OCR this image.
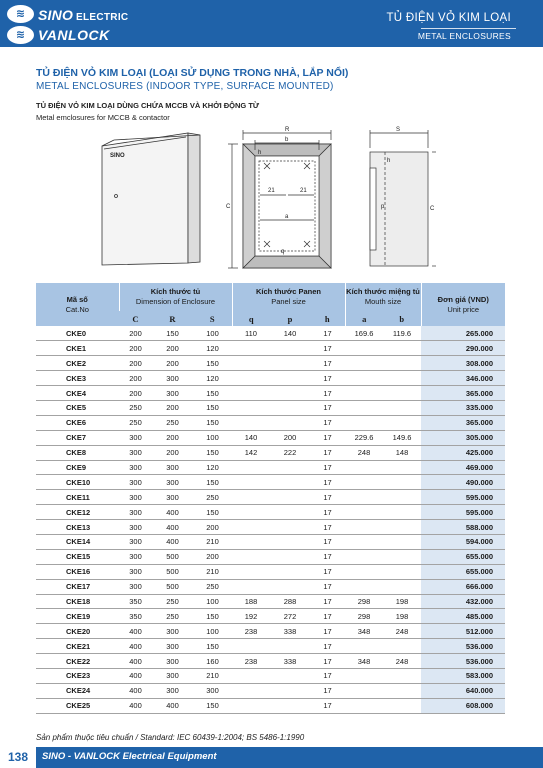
≋ SINO ELECTRIC
≋ VANLOCK
TỦ ĐIỆN VỎ KIM LOẠI
METAL ENCLOSURES
TỦ ĐIỆN VỎ KIM LOẠI (LOẠI SỬ DỤNG TRONG NHÀ, LẮP NỔI)
METAL ENCLOSURES (INDOOR TYPE, SURFACE MOUNTED)
TỦ ĐIỆN VỎ KIM LOẠI DÙNG CHỨA MCCB VÀ KHỞI ĐỘNG TỪ
Metal emclosures for MCCB & contactor
SINO
R
b
C
h
21	21
a
q
S
h
p	C
Mã số
Cat.No	Kích thước tủ
Dimension of Enclosure			Kích thước Panen
Panel size			Kích thước miệng tủ
Mouth size		Đơn giá (VND)
Unit price
	C	R	S	q	p	h	a	b	
CKE0	200	150	100	110	140	17	169.6	119.6	265.000
CKE1	200	200	120			17			290.000
CKE2	200	200	150			17			308.000
CKE3	200	300	120			17			346.000
CKE4	200	300	150			17			365.000
CKE5	250	200	150			17			335.000
CKE6	250	250	150			17			365.000
CKE7	300	200	100	140	200	17	229.6	149.6	305.000
CKE8	300	200	150	142	222	17	248	148	425.000
CKE9	300	300	120			17			469.000
CKE10	300	300	150			17			490.000
CKE11	300	300	250			17			595.000
CKE12	300	400	150			17			595.000
CKE13	300	400	200			17			588.000
CKE14	300	400	210			17			594.000
CKE15	300	500	200			17			655.000
CKE16	300	500	210			17			655.000
CKE17	300	500	250			17			666.000
CKE18	350	250	100	188	288	17	298	198	432.000
CKE19	350	250	150	192	272	17	298	198	485.000
CKE20	400	300	100	238	338	17	348	248	512.000
CKE21	400	300	150			17			536.000
CKE22	400	300	160	238	338	17	348	248	536.000
CKE23	400	300	210			17			583.000
CKE24	400	300	300			17			640.000
CKE25	400	400	150			17			608.000
Sản phẩm thuộc tiêu chuẩn / Standard: IEC 60439-1:2004; BS 5486-1:1990
138	SINO - VANLOCK Electrical Equipment
